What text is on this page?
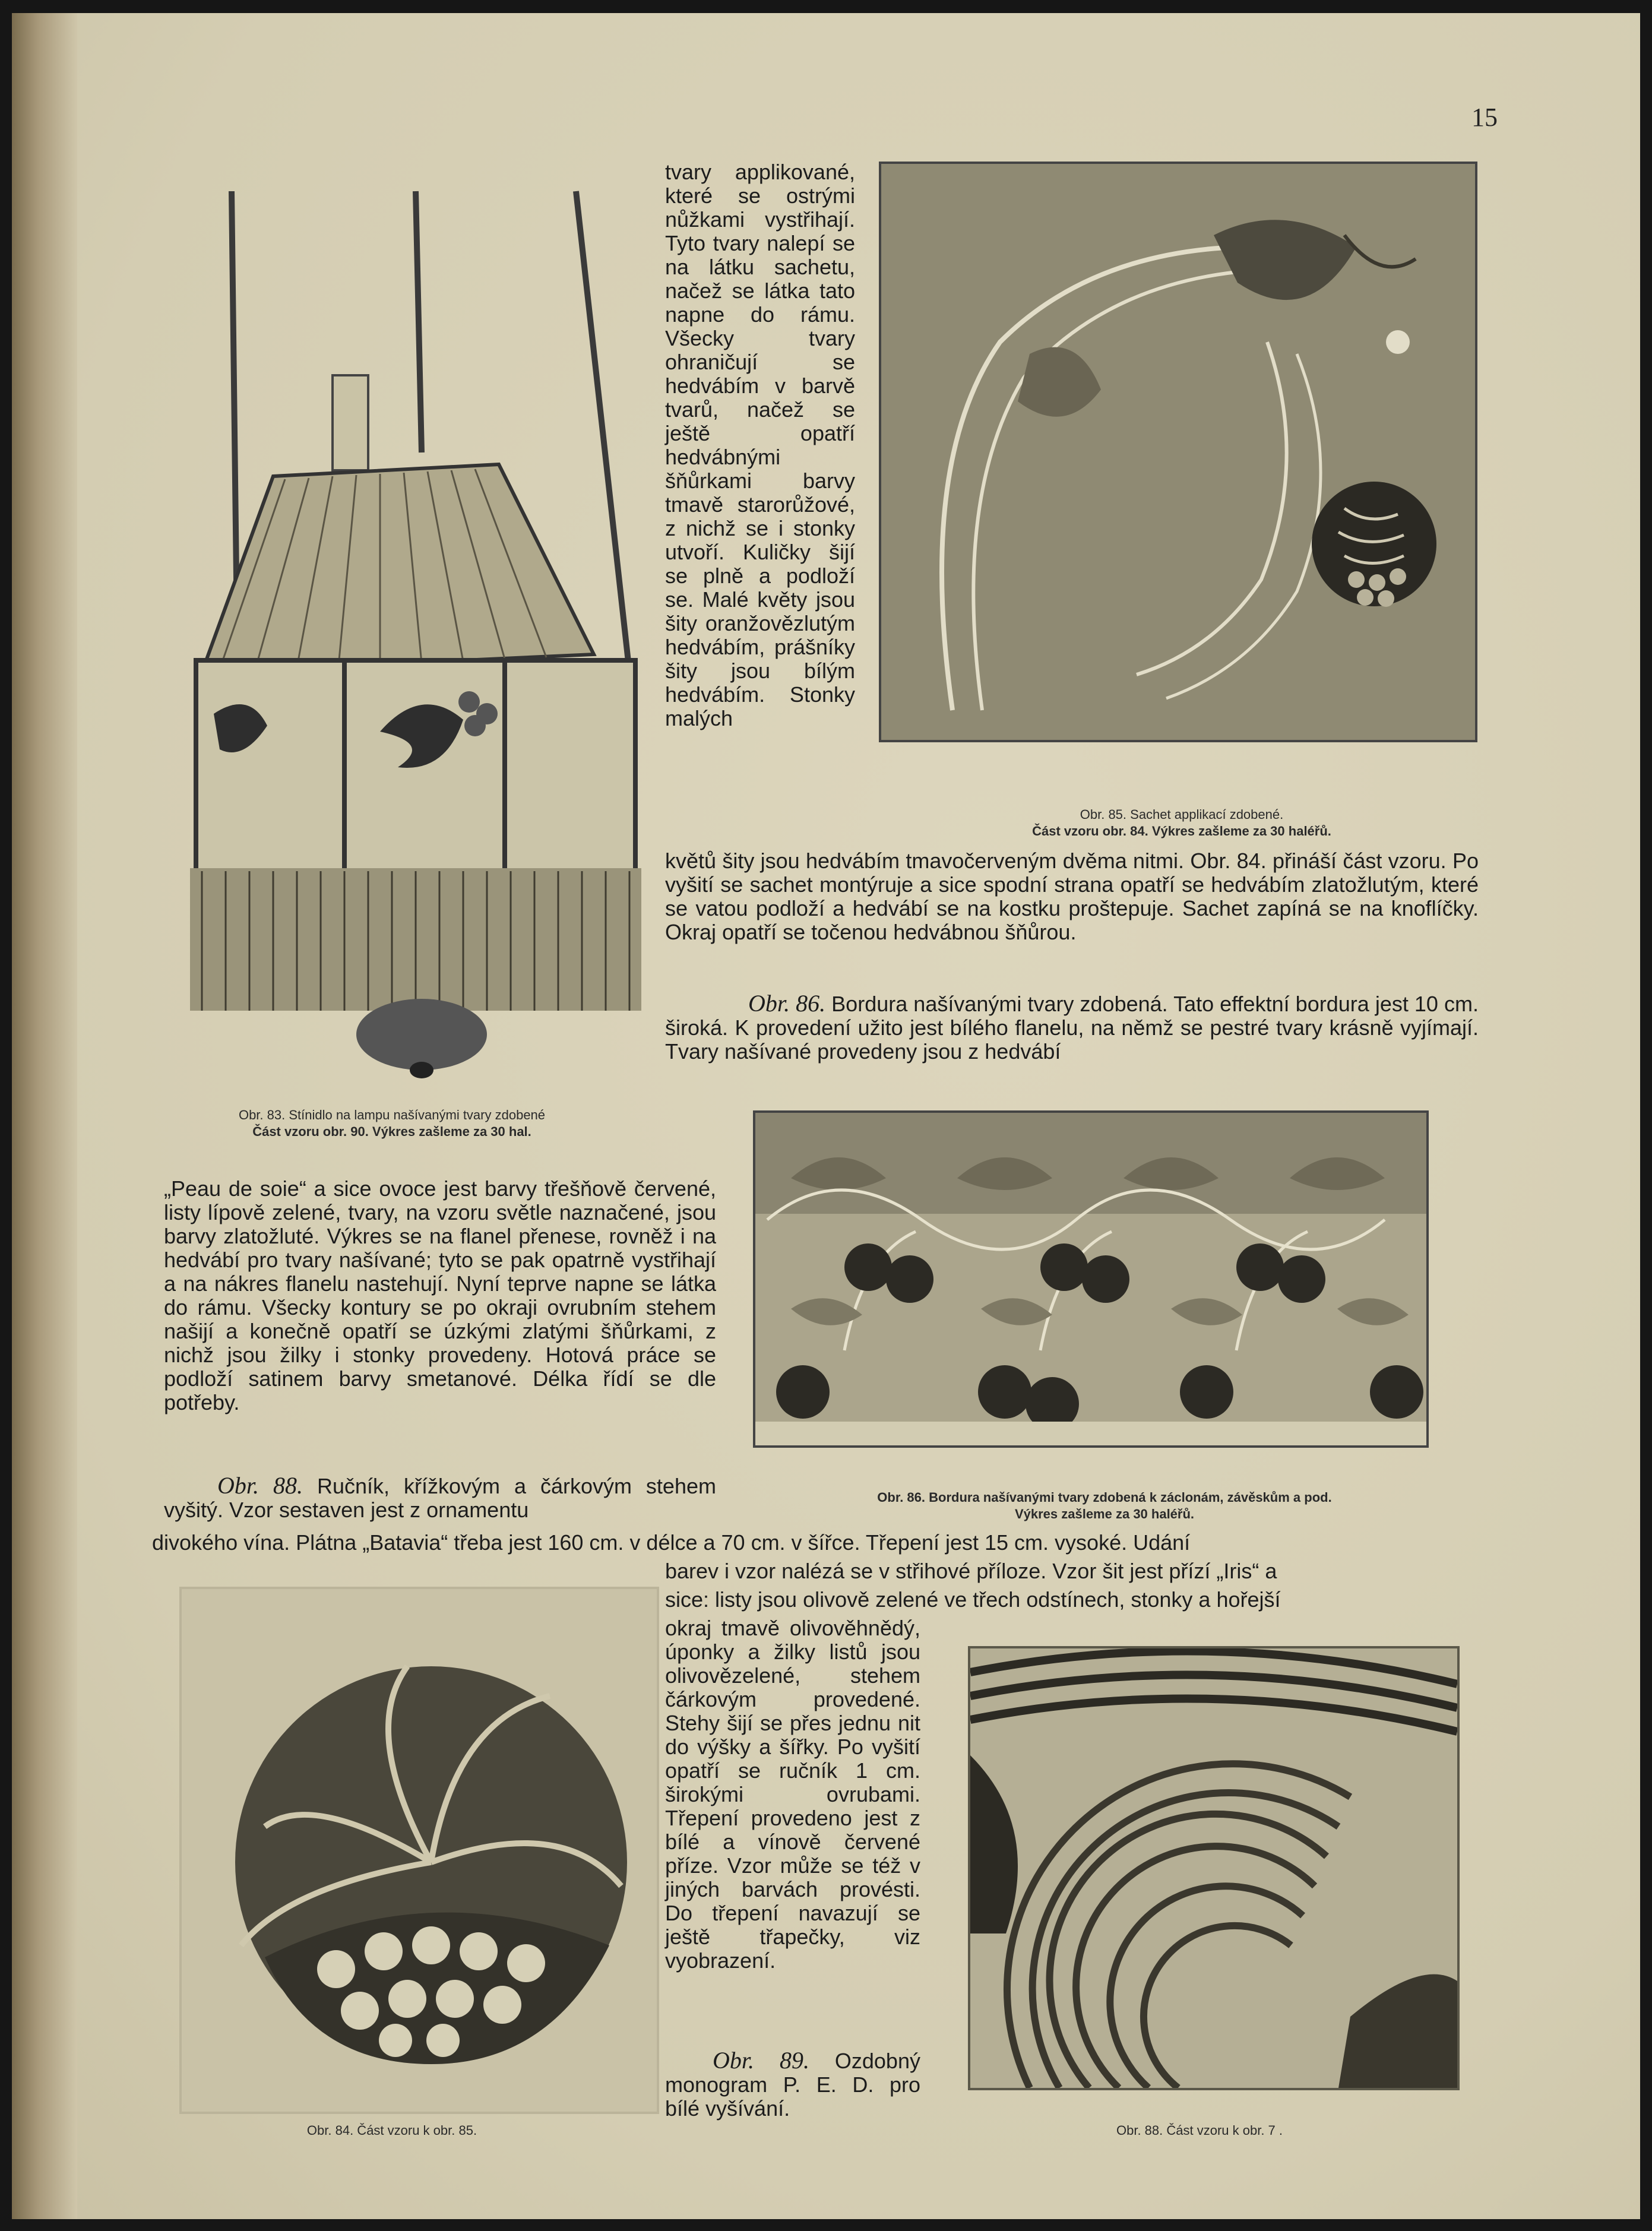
15

tvary applikované, které se ostrými nůžkami vystřihají. Tyto tvary nalepí se na látku sachetu, načež se látka tato napne do rámu. Všecky tvary ohraničují se hedvábím v barvě tvarů, načež se ještě opatří hedvábnými šňůrkami barvy tmavě starorůžové, z nichž se i stonky utvoří. Kuličky šijí se plně a podloží se. Malé květy jsou šity oranžovězlutým hedvábím, prášníky šity jsou bílým hedvábím. Stonky malých

Obr. 85. Sachet applikací zdobené.
Část vzoru obr. 84. Výkres zašleme za 30 haléřů.

květů šity jsou hedvábím tmavočerveným dvěma nitmi. Obr. 84. přináší část vzoru. Po vyšití se sachet montýruje a sice spodní strana opatří se hedvábím zlatožlutým, které se vatou podloží a hedvábí se na kostku proštepuje. Sachet zapíná se na knoflíčky. Okraj opatří se točenou hedvábnou šňůrou.

Obr. 86. Bordura našívanými tvary zdobená. Tato effektní bordura jest 10 cm. široká. K provedení užito jest bílého flanelu, na němž se pestré tvary krásně vyjímají. Tvary našívané provedeny jsou z hedvábí

Obr. 83. Stínidlo na lampu našívanými tvary zdobené
Část vzoru obr. 90. Výkres zašleme za 30 hal.

„Peau de soie“ a sice ovoce jest barvy třešňově červené, listy lípově zelené, tvary, na vzoru světle naznačené, jsou barvy zlatožluté. Výkres se na flanel přenese, rovněž i na hedvábí pro tvary našívané; tyto se pak opatrně vystřihají a na nákres flanelu nastehují. Nyní teprve napne se látka do rámu. Všecky kontury se po okraji ovrubním stehem našijí a konečně opatří se úzkými zlatými šňůrkami, z nichž jsou žilky i stonky provedeny. Hotová práce se podloží satinem barvy smetanové. Délka řídí se dle potřeby.

Obr. 86. Bordura našívanými tvary zdobená k záclonám, závěskům a pod.
Výkres zašleme za 30 haléřů.

Obr. 88. Ručník, křížkovým a čárkovým stehem vyšitý. Vzor sestaven jest z ornamentu

divokého vína. Plátna „Batavia“ třeba jest 160 cm. v délce a 70 cm. v šířce. Třepení jest 15 cm. vysoké. Udání

barev i vzor nalézá se v střihové příloze. Vzor šit jest přízí „Iris“ a

sice: listy jsou olivově zelené ve třech odstínech, stonky a hořejší

Obr. 84. Část vzoru k obr. 85.

okraj tmavě olivověhnědý, úponky a žilky listů jsou olivovězelené, stehem čárkovým provedené. Stehy šijí se přes jednu nit do výšky a šířky. Po vyšití opatří se ručník 1 cm. širokými ovrubami. Třepení provedeno jest z bílé a vínově červené příze. Vzor může se též v jiných barvách provésti. Do třepení navazují se ještě třapečky, viz vyobrazení.

Obr. 89. Ozdobný monogram P. E. D. pro bílé vyšívání.

Obr. 88. Část vzoru k obr. 7 .
